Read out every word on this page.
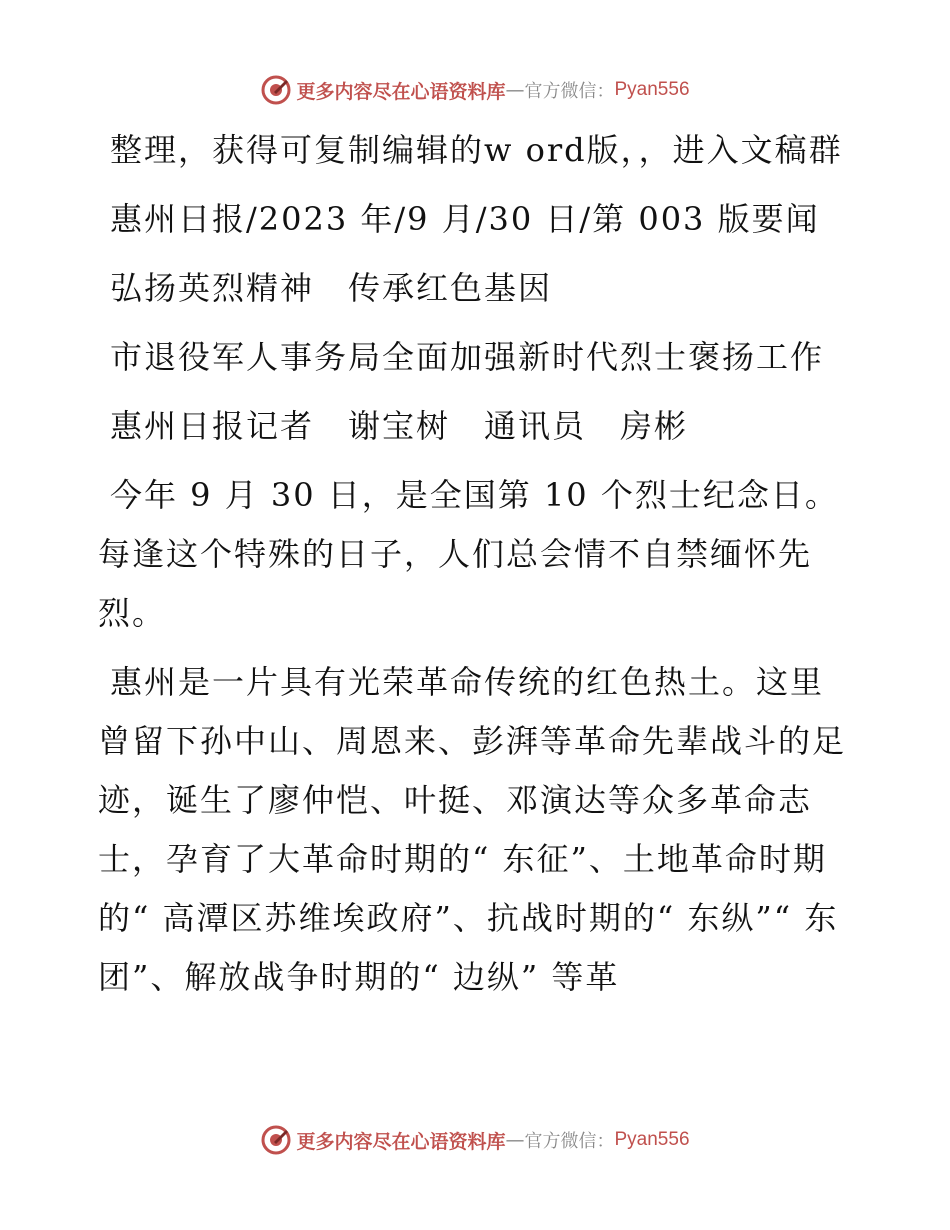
更多内容尽在心语资料库 — 官方微信： Pyan556

整理，获得可复制编辑的w ord版，，进入文稿群

惠州日报/2023 年/9 月/30 日/第 003 版要闻

弘扬英烈精神　传承红色基因

市退役军人事务局全面加强新时代烈士褒扬工作

惠州日报记者　谢宝树　通讯员　房彬

今年 9 月 30 日，是全国第 10 个烈士纪念日。每逢这个特殊的日子，人们总会情不自禁缅怀先烈。

惠州是一片具有光荣革命传统的红色热土。这里曾留下孙中山、周恩来、彭湃等革命先辈战斗的足迹，诞生了廖仲恺、叶挺、邓演达等众多革命志士，孕育了大革命时期的“ 东征”、土地革命时期的“ 高潭区苏维埃政府”、抗战时期的“ 东纵”“ 东团”、解放战争时期的“ 边纵” 等革

更多内容尽在心语资料库 — 官方微信： Pyan556
